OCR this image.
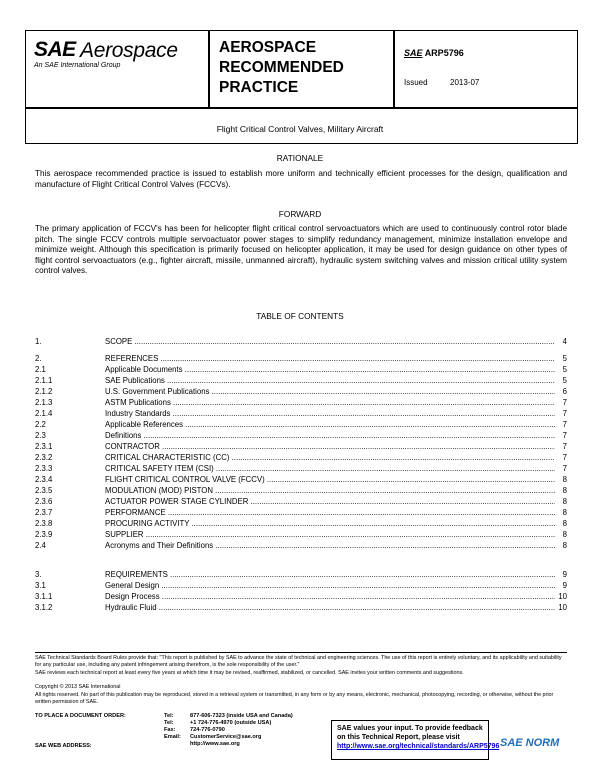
SAE Aerospace
An SAE International Group
AEROSPACE
RECOMMENDED
PRACTICE
SAE ARP5796
Issued	2013-07
Flight Critical Control Valves, Military Aircraft
RATIONALE
This aerospace recommended practice is issued to establish more uniform and technically efficient processes for the design, qualification and manufacture of Flight Critical Control Valves (FCCVs).
FORWARD
The primary application of FCCV's has been for helicopter flight critical control servoactuators which are used to continuously control rotor blade pitch. The single FCCV controls multiple servoactuator power stages to simplify redundancy management, minimize installation envelope and minimize weight. Although this specification is primarily focused on helicopter application, it may be used for design guidance on other types of flight control servoactuators (e.g., fighter aircraft, missile, unmanned aircraft), hydraulic system switching valves and mission critical utility system control valves.
TABLE OF CONTENTS
1.	SCOPE .....	4
2.	REFERENCES .....	5
2.1	Applicable Documents .....	5
2.1.1	SAE Publications .....	5
2.1.2	U.S. Government Publications .....	6
2.1.3	ASTM Publications .....	7
2.1.4	Industry Standards .....	7
2.2	Applicable References .....	7
2.3	Definitions .....	7
2.3.1	CONTRACTOR .....	7
2.3.2	CRITICAL CHARACTERISTIC (CC) .....	7
2.3.3	CRITICAL SAFETY ITEM (CSI) .....	7
2.3.4	FLIGHT CRITICAL CONTROL VALVE (FCCV) .....	8
2.3.5	MODULATION (MOD) PISTON .....	8
2.3.6	ACTUATOR POWER STAGE CYLINDER .....	8
2.3.7	PERFORMANCE .....	8
2.3.8	PROCURING ACTIVITY .....	8
2.3.9	SUPPLIER .....	8
2.4	Acronyms and Their Definitions .....	8
3.	REQUIREMENTS .....	9
3.1	General Design .....	9
3.1.1	Design Process .....	10
3.1.2	Hydraulic Fluid .....	10
SAE Technical Standards Board Rules provide that: "This report is published by SAE to advance the state of technical and engineering sciences. The use of this report is entirely voluntary, and its applicability and suitability for any particular use, including any patent infringement arising therefrom, is the sole responsibility of the user."
SAE reviews each technical report at least every five years at which time it may be revised, reaffirmed, stabilized, or cancelled. SAE invites your written comments and suggestions.
Copyright © 2013 SAE International
All rights reserved. No part of this publication may be reproduced, stored in a retrieval system or transmitted, in any form or by any means, electronic, mechanical, photocopying, recording, or otherwise, without the prior written permission of SAE.
TO PLACE A DOCUMENT ORDER:	Tel:	877-606-7323 (inside USA and Canada)
Tel:	+1 724-776-4970 (outside USA)
Fax:	724-776-0790
Email: CustomerService@sae.org
SAE WEB ADDRESS:	http://www.sae.org
SAE values your input. To provide feedback
on this Technical Report, please visit
http://www.sae.org/technical/standards/ARP5796 SAE NORM
